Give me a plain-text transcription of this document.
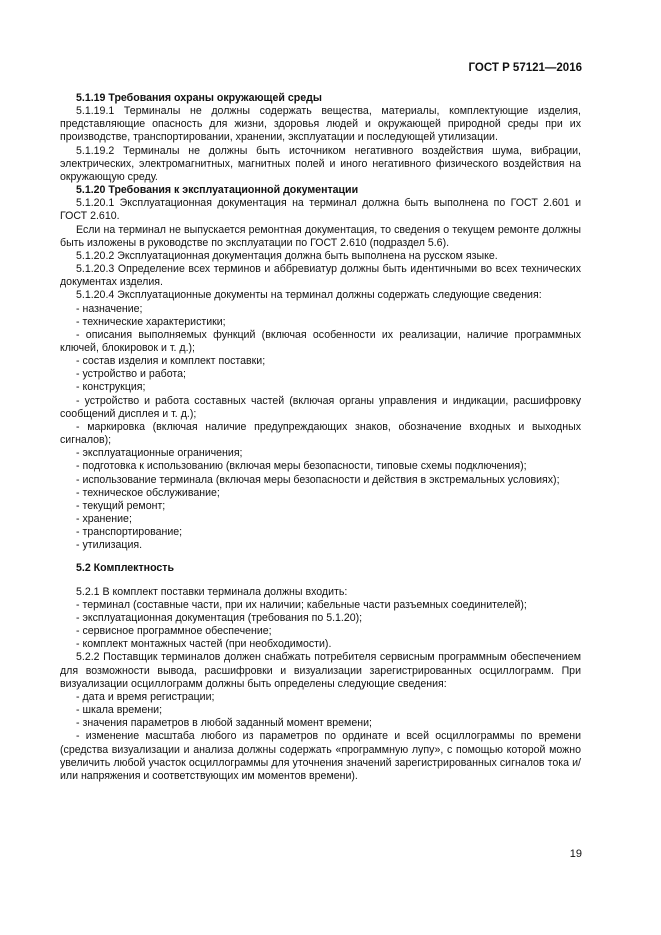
ГОСТ Р 57121—2016

5.1.19 Требования охраны окружающей среды

5.1.19.1 Терминалы не должны содержать вещества, материалы, комплектующие изделия, представляющие опасность для жизни, здоровья людей и окружающей природной среды при их производстве, транспортировании, хранении, эксплуатации и последующей утилизации.

5.1.19.2 Терминалы не должны быть источником негативного воздействия шума, вибрации, электрических, электромагнитных, магнитных полей и иного негативного физического воздействия на окружающую среду.

5.1.20 Требования к эксплуатационной документации

5.1.20.1 Эксплуатационная документация на терминал должна быть выполнена по ГОСТ 2.601 и ГОСТ 2.610.

Если на терминал не выпускается ремонтная документация, то сведения о текущем ремонте должны быть изложены в руководстве по эксплуатации по ГОСТ 2.610 (подраздел 5.6).

5.1.20.2 Эксплуатационная документация должна быть выполнена на русском языке.

5.1.20.3 Определение всех терминов и аббревиатур должны быть идентичными во всех технических документах изделия.

5.1.20.4 Эксплуатационные документы на терминал должны содержать следующие сведения:

- назначение;

- технические характеристики;

- описания выполняемых функций (включая особенности их реализации, наличие программных ключей, блокировок и т. д.);

- состав изделия и комплект поставки;

- устройство и работа;

- конструкция;

- устройство и работа составных частей (включая органы управления и индикации, расшифровку сообщений дисплея и т. д.);

- маркировка (включая наличие предупреждающих знаков, обозначение входных и выходных сигналов);

- эксплуатационные ограничения;

- подготовка к использованию (включая меры безопасности, типовые схемы подключения);

- использование терминала (включая меры безопасности и действия в экстремальных условиях);

- техническое обслуживание;

- текущий ремонт;

- хранение;

- транспортирование;

- утилизация.

5.2 Комплектность

5.2.1 В комплект поставки терминала должны входить:

- терминал (составные части, при их наличии; кабельные части разъемных соединителей);

- эксплуатационная документация (требования по 5.1.20);

- сервисное программное обеспечение;

- комплект монтажных частей (при необходимости).

5.2.2 Поставщик терминалов должен снабжать потребителя сервисным программным обеспечением для возможности вывода, расшифровки и визуализации зарегистрированных осциллограмм. При визуализации осциллограмм должны быть определены следующие сведения:

- дата и время регистрации;

- шкала времени;

- значения параметров в любой заданный момент времени;

- изменение масштаба любого из параметров по ординате и всей осциллограммы по времени (средства визуализации и анализа должны содержать «программную лупу», с помощью которой можно увеличить любой участок осциллограммы для уточнения значений зарегистрированных сигналов тока и/или напряжения и соответствующих им моментов времени).

19
